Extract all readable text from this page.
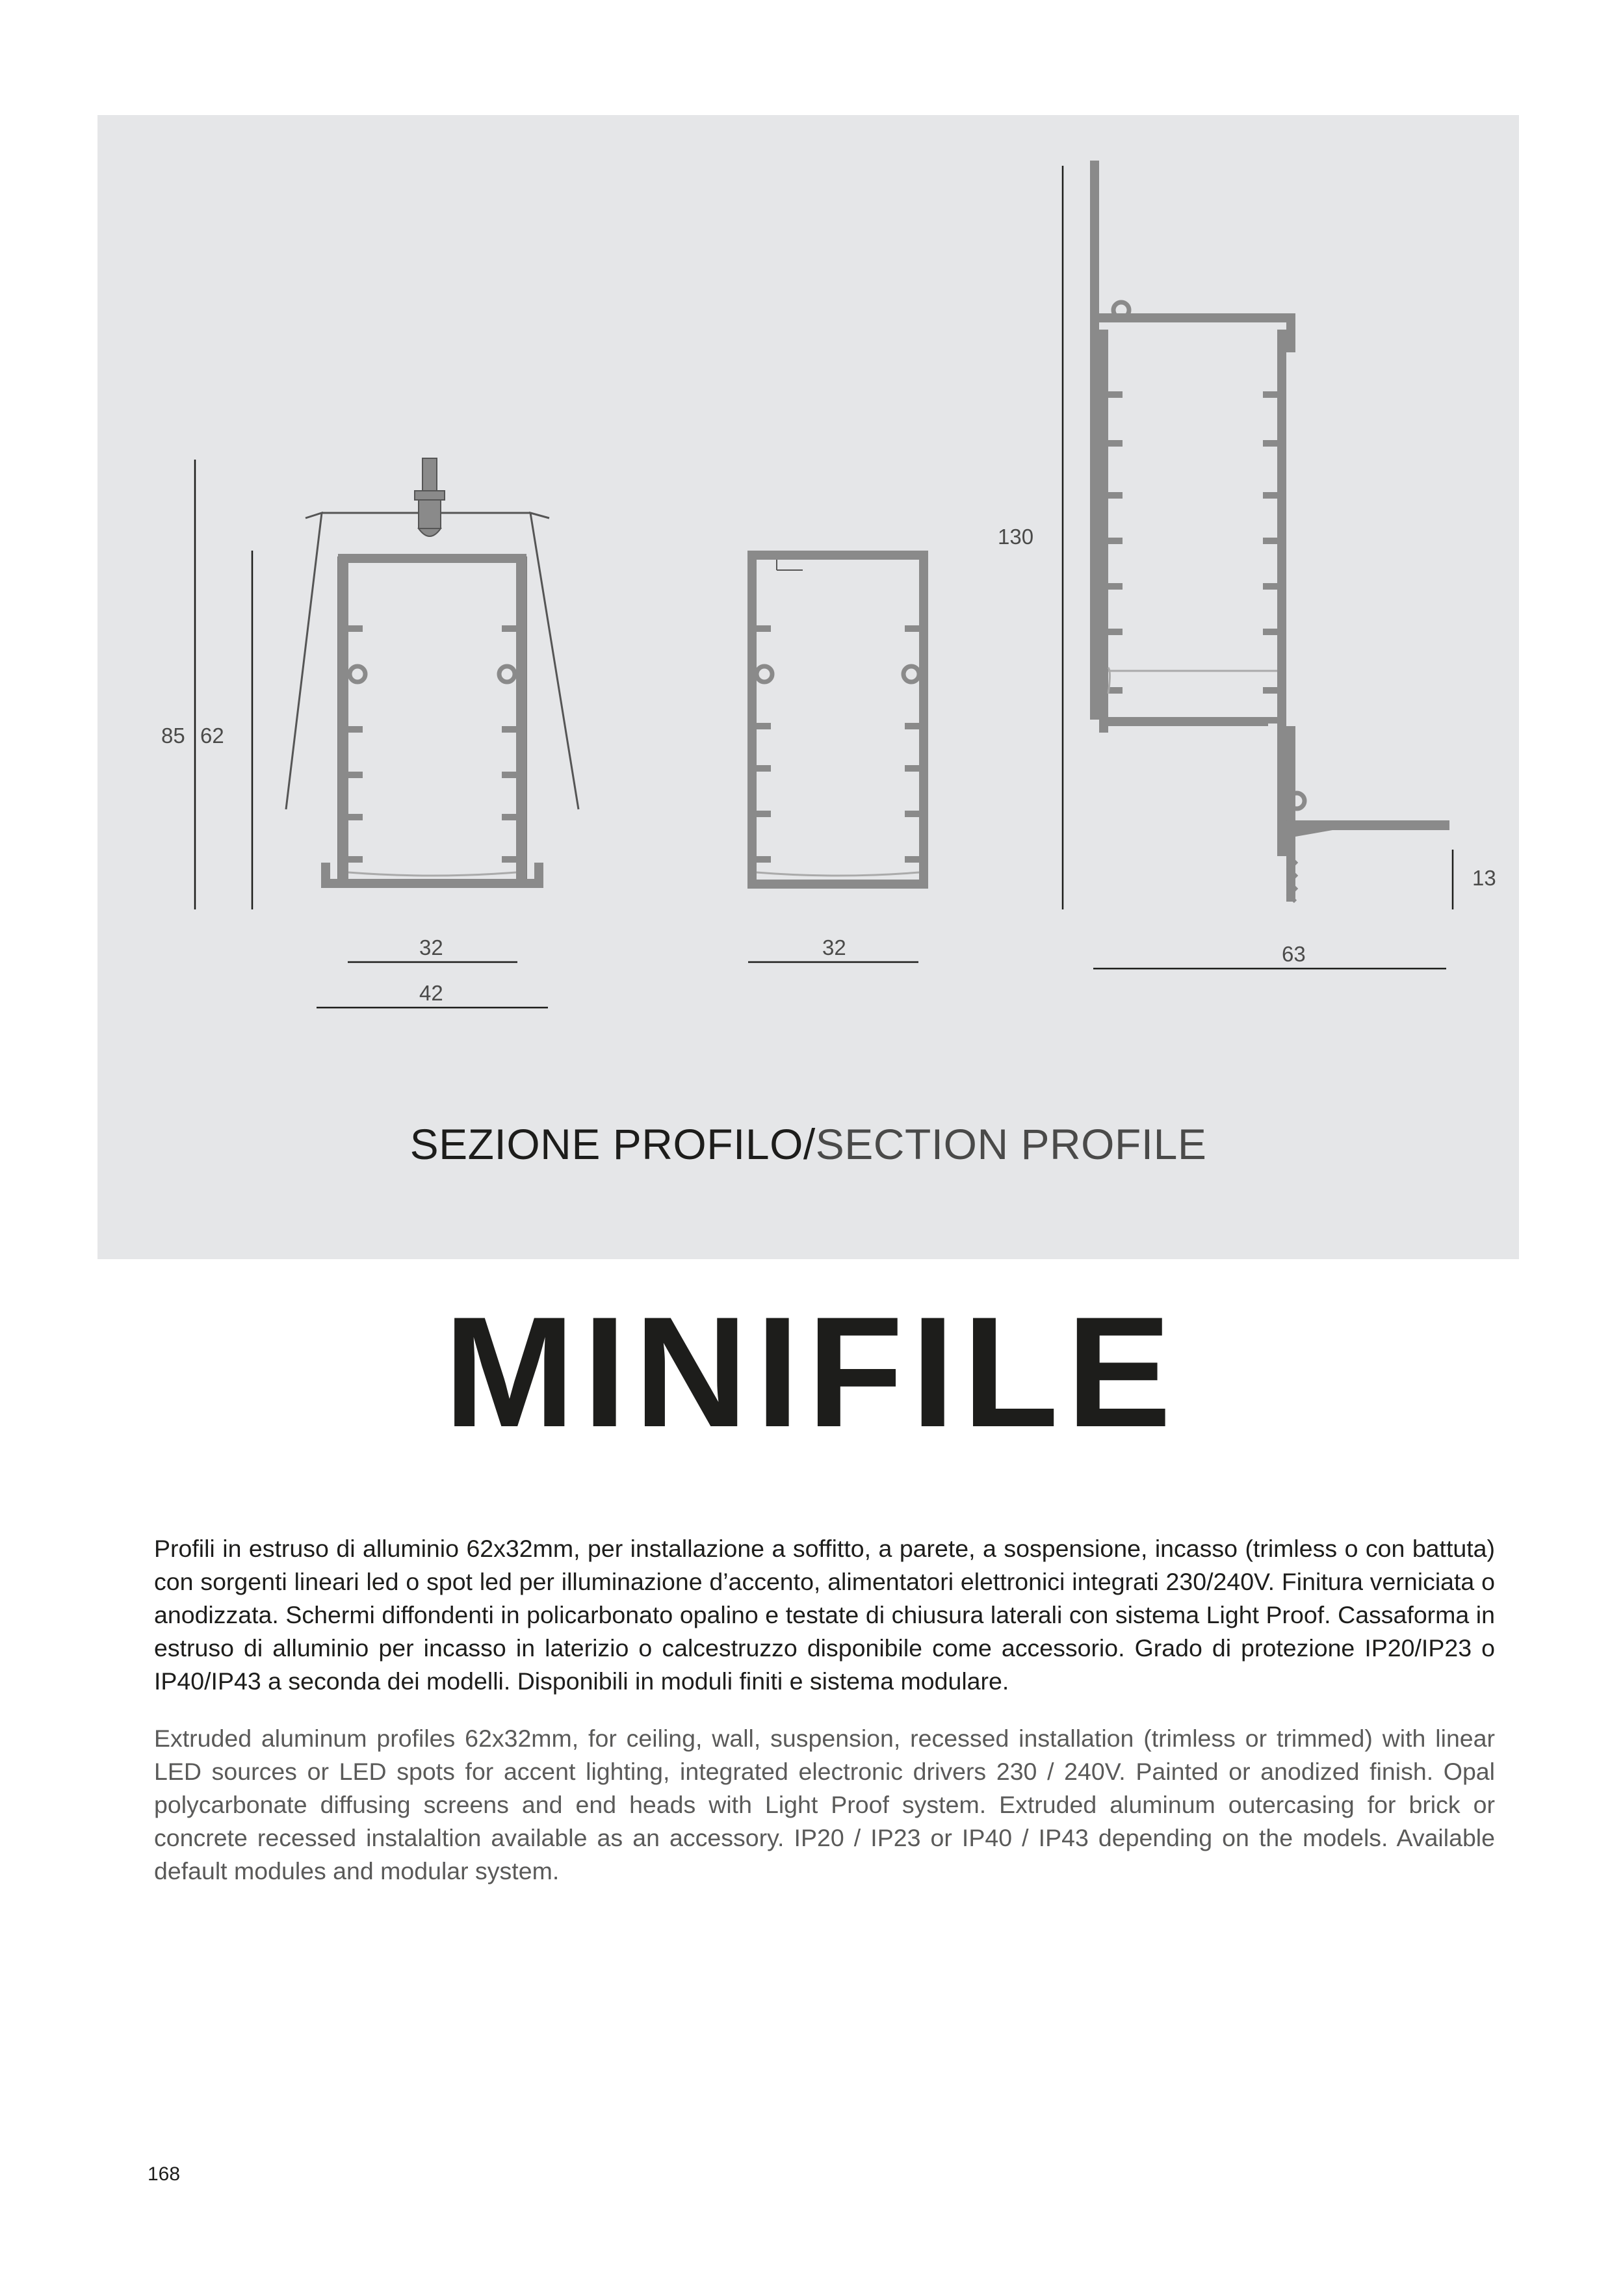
85 62
32
42
32
130
13
63
SEZIONE PROFILO/SECTION PROFILE
MINIFILE
Profili in estruso di alluminio 62x32mm, per installazione a soffitto, a parete, a sospensione, incasso (trimless o con battuta) con sorgenti lineari led o spot led per illuminazione d’accento, alimentatori elettronici integrati 230/240V. Finitura verniciata o anodizzata. Schermi diffondenti in policarbonato opalino e testate di chiusura laterali con sistema Light Proof. Cassaforma in estruso di alluminio per incasso in laterizio o calcestruzzo disponibile come accessorio. Grado di protezione IP20/IP23 o IP40/IP43 a seconda dei modelli. Disponibili in moduli finiti e sistema modulare.
Extruded aluminum profiles 62x32mm, for ceiling, wall, suspension, recessed installation (trimless or trimmed) with linear LED sources or LED spots for accent lighting, integrated electronic drivers 230 / 240V. Painted or anodized finish. Opal polycarbonate diffusing screens and end heads with Light Proof system. Extruded aluminum outercasing for brick or concrete recessed instalaltion available as an accessory. IP20 / IP23 or IP40 / IP43 depending on the models. Available default modules and modular system.
168
